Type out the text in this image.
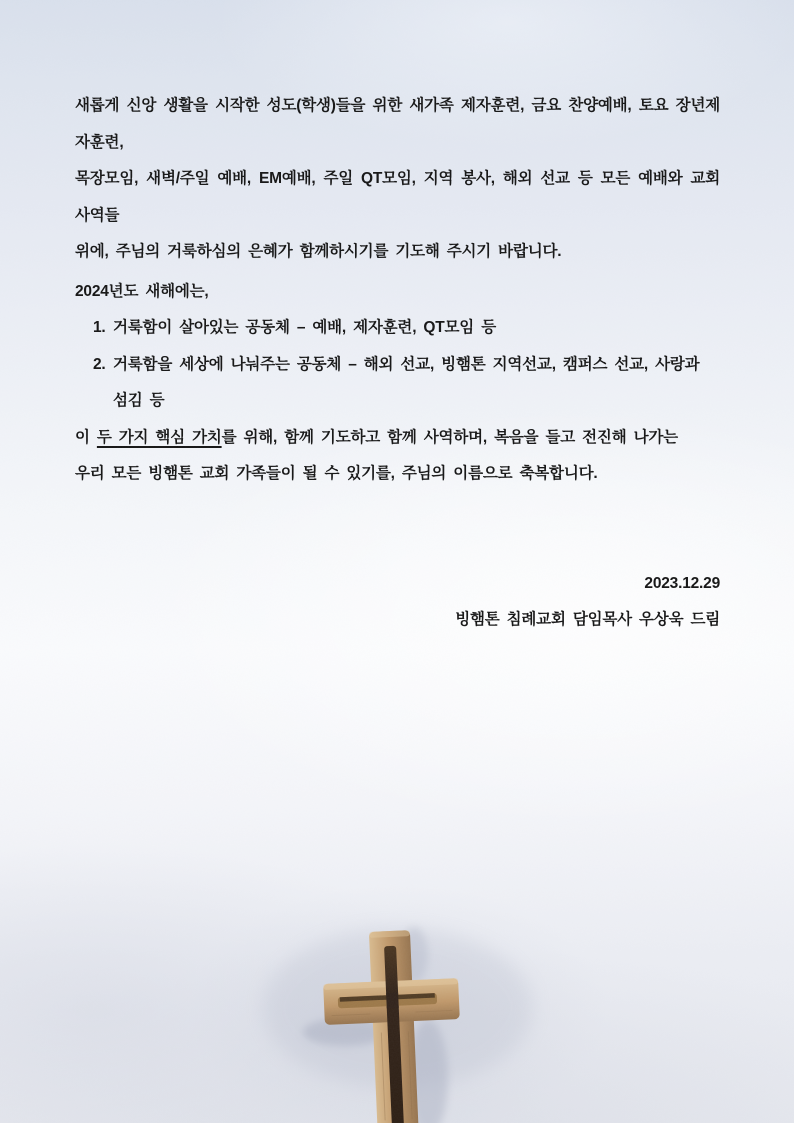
새롭게 신앙 생활을 시작한 성도(학생)들을 위한 새가족 제자훈련, 금요 찬양예배, 토요 장년제자훈련,
목장모임, 새벽/주일 예배, EM예배, 주일 QT모임, 지역 봉사, 해외 선교 등 모든 예배와 교회 사역들
위에, 주님의 거룩하심의 은혜가 함께하시기를 기도해 주시기 바랍니다.
2024년도 새해에는,
1. 거룩함이 살아있는 공동체 – 예배, 제자훈련, QT모임 등
2. 거룩함을 세상에 나눠주는 공동체 – 해외 선교, 빙햄톤 지역선교, 캠퍼스 선교, 사랑과 섬김 등
이 두 가지 핵심 가치를 위해, 함께 기도하고 함께 사역하며, 복음을 들고 전진해 나가는
우리 모든 빙햄톤 교회 가족들이 될 수 있기를, 주님의 이름으로 축복합니다.
2023.12.29
빙햄톤 침례교회 담임목사 우상욱 드림
